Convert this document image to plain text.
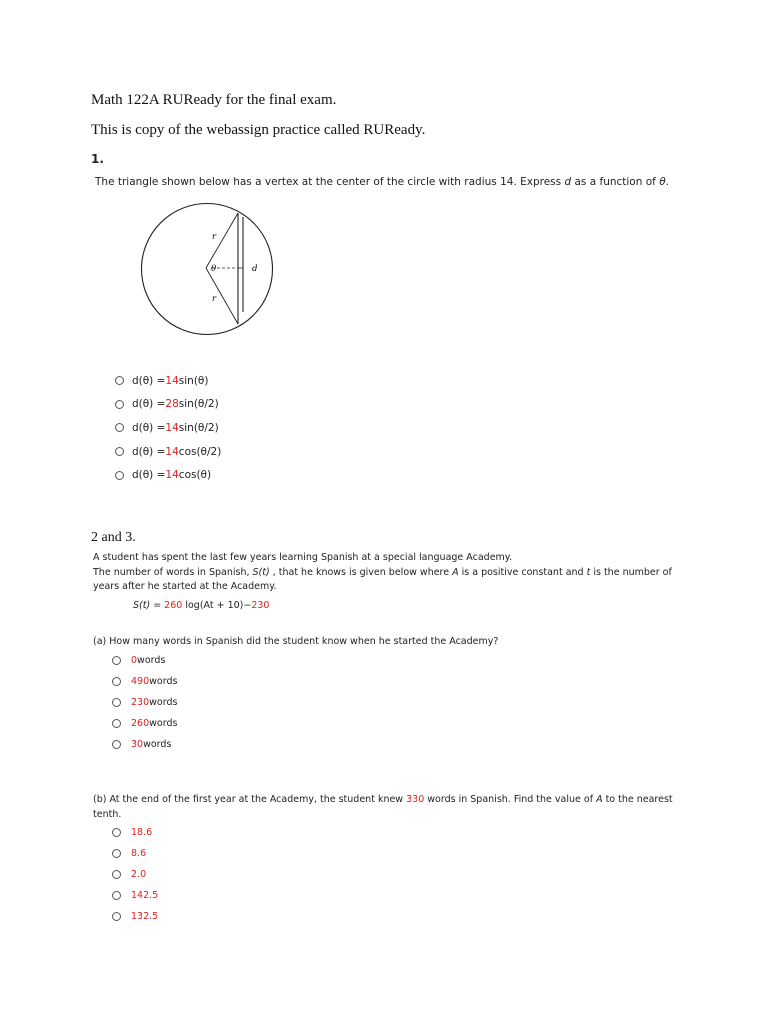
Math 122A RUReady for the final exam.
This is copy of the webassign practice called RUReady.
1.
The triangle shown below has a vertex at the center of the circle with radius 14. Express d as a function of θ.
r
r
θ	d
d(θ) = 14 sin(θ)
d(θ) = 28 sin(θ/2)
d(θ) = 14 sin(θ/2)
d(θ) = 14 cos(θ/2)
d(θ) = 14 cos(θ)
2 and 3.
A student has spent the last few years learning Spanish at a special language Academy.
The number of words in Spanish, S(t) , that he knows is given below where A is a positive constant and t is the number of
years after he started at the Academy.
S(t) = 260 log(At + 10)−230
(a) How many words in Spanish did the student know when he started the Academy?
0 words
490 words
230 words
260 words
30 words
(b) At the end of the first year at the Academy, the student knew 330 words in Spanish. Find the value of A to the nearest
tenth.
18.6
8.6
2.0
142.5
132.5
